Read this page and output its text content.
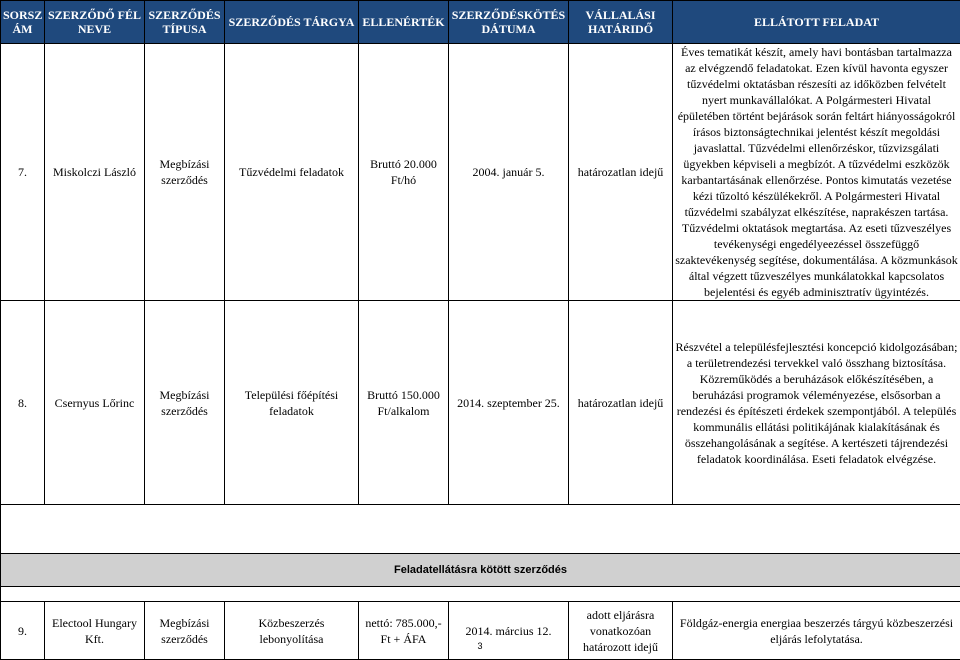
SORSZ ÁM	SZERZŐDŐ FÉL NEVE	SZERZŐDÉS TÍPUSA	SZERZŐDÉS TÁRGYA	ELLENÉRTÉK	SZERZŐDÉSKÖTÉS DÁTUMA	VÁLLALÁSI HATÁRIDŐ	ELLÁTOTT FELADAT
7.	Miskolczi László	Megbízási szerződés	Tűzvédelmi feladatok	Bruttó 20.000 Ft/hó	2004. január 5.	határozatlan idejű	Éves tematikát készít, amely havi bontásban tartalmazza az elvégzendő feladatokat. Ezen kívül havonta egyszer tűzvédelmi oktatásban részesíti az időközben felvételt nyert munkavállalókat. A Polgármesteri Hivatal épületében történt bejárások során feltárt hiányosságokról írásos biztonságtechnikai jelentést készít megoldási javaslattal. Tűzvédelmi ellenőrzéskor, tűzvizsgálati ügyekben képviseli a megbízót. A tűzvédelmi eszközök karbantartásának ellenőrzése. Pontos kimutatás vezetése kézi tűzoltó készülékekről. A Polgármesteri Hivatal tűzvédelmi szabályzat elkészítése, naprakészen tartása. Tűzvédelmi oktatások megtartása. Az eseti tűzveszélyes tevékenységi engedélyeezéssel összefüggő szaktevékenység segítése, dokumentálása. A közmunkások által végzett tűzveszélyes munkálatokkal kapcsolatos bejelentési és egyéb adminisztratív ügyintézés.
8.	Csernyus Lőrinc	Megbízási szerződés	Települési főépítési feladatok	Bruttó 150.000 Ft/alkalom	2014. szeptember 25.	határozatlan idejű	Részvétel a településfejlesztési koncepció kidolgozásában; a területrendezési tervekkel való összhang biztosítása. Közreműködés a beruházások előkészítésében, a beruházási programok véleményezése, elsősorban a rendezési és építészeti érdekek szempontjából. A település kommunális ellátási politikájának kialakításának és összehangolásának a segítése. A kertészeti tájrendezési feladatok koordinálása. Eseti feladatok elvégzése.

Feladatellátásra kötött szerződés							

9.	Electool Hungary Kft.	Megbízási szerződés	Közbeszerzés lebonyolítása	nettó: 785.000,- Ft + ÁFA	2014. március 12.	adott eljárásra vonatkozóan határozott idejű	Földgáz-energia energiaa beszerzés tárgyú közbeszerzési eljárás lefolytatása.
3
